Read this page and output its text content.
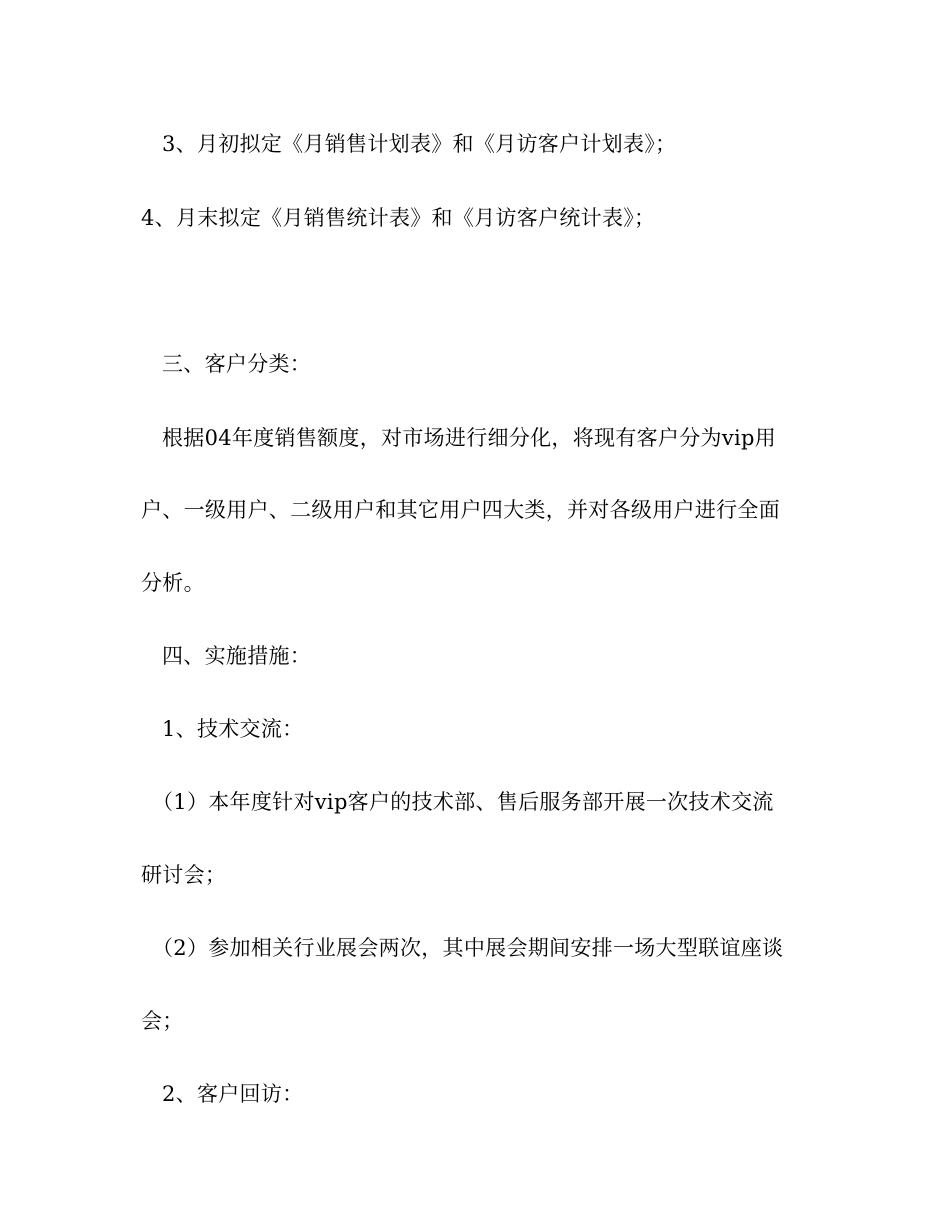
3、月初拟定《月销售计划表》和《月访客户计划表》；
4、月末拟定《月销售统计表》和《月访客户统计表》；
三、客户分类：
根据04年度销售额度，对市场进行细分化，将现有客户分为vip用
户、一级用户、二级用户和其它用户四大类，并对各级用户进行全面
分析。
四、实施措施：
1、技术交流：
（1）本年度针对vip客户的技术部、售后服务部开展一次技术交流
研讨会；
（2）参加相关行业展会两次，其中展会期间安排一场大型联谊座谈
会；
2、客户回访：
